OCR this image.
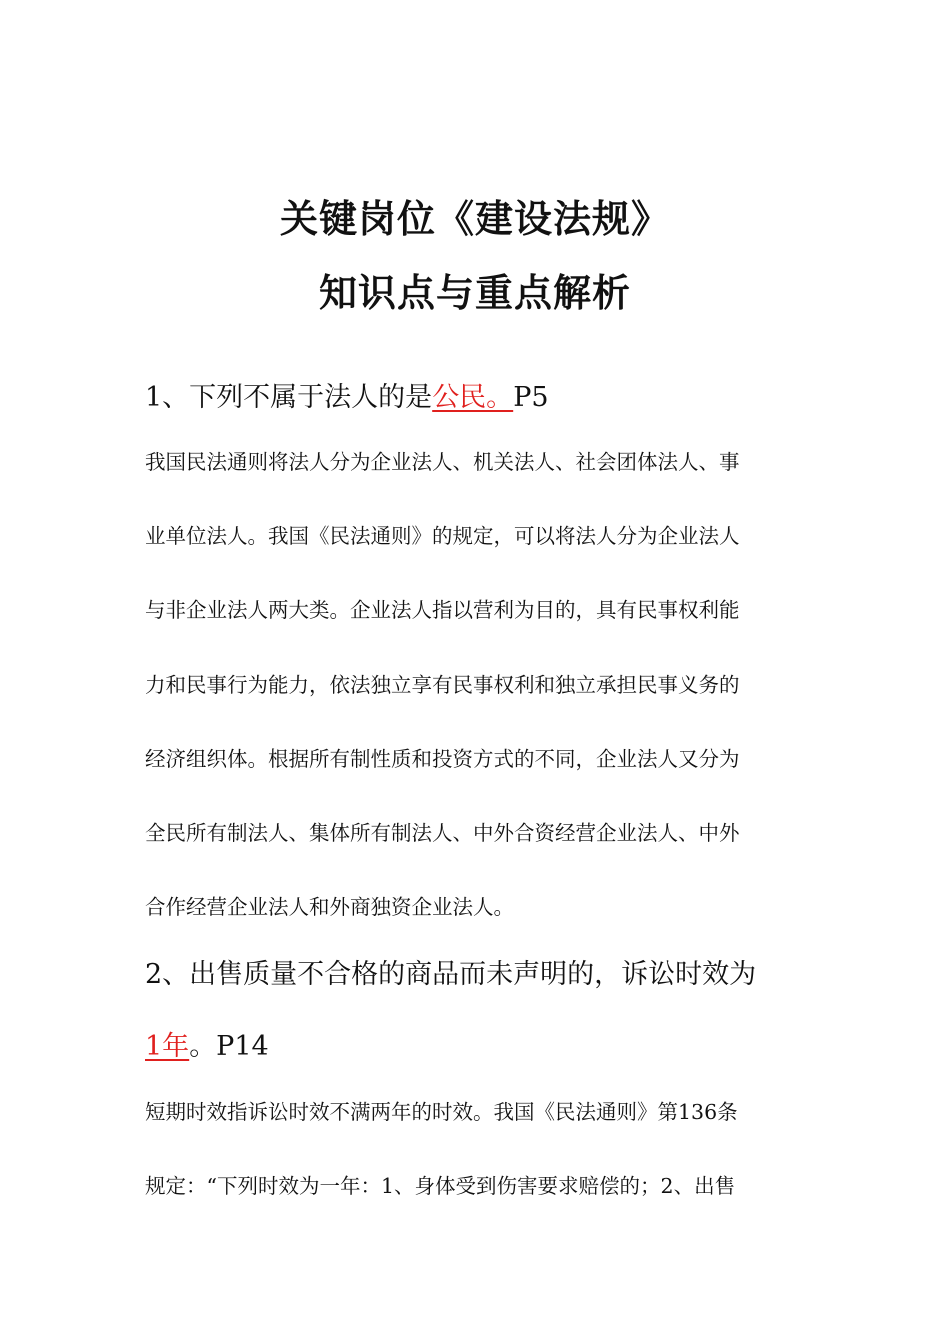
关键岗位《建设法规》
知识点与重点解析
1、下列不属于法人的是公民。P5
我国民法通则将法人分为企业法人、机关法人、社会团体法人、事
业单位法人。我国《民法通则》的规定，可以将法人分为企业法人
与非企业法人两大类。企业法人指以营利为目的，具有民事权利能
力和民事行为能力，依法独立享有民事权利和独立承担民事义务的
经济组织体。根据所有制性质和投资方式的不同，企业法人又分为
全民所有制法人、集体所有制法人、中外合资经营企业法人、中外
合作经营企业法人和外商独资企业法人。
2、出售质量不合格的商品而未声明的，诉讼时效为
1年。P14
短期时效指诉讼时效不满两年的时效。我国《民法通则》第136条
规定：“下列时效为一年：1、身体受到伤害要求赔偿的；2、出售
